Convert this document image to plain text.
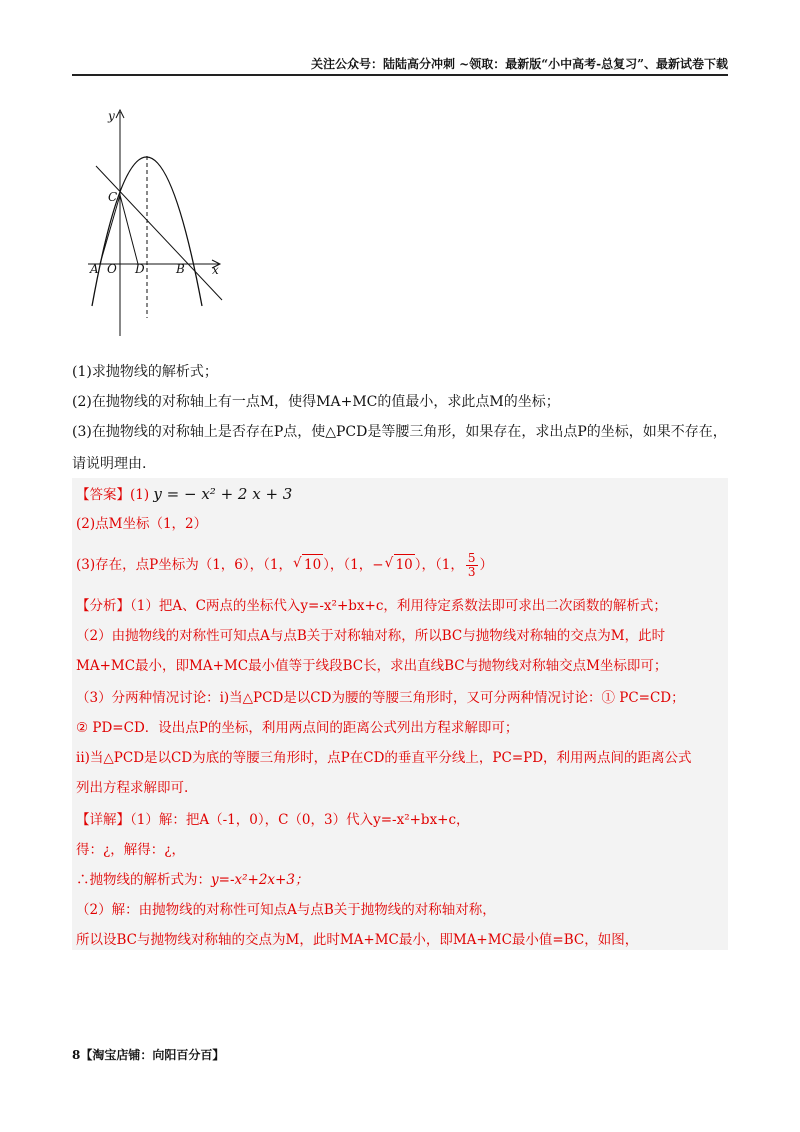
关注公众号：陆陆高分冲刺 ~领取：最新版“小中高考-总复习”、最新试卷下载
y
x
C
A O D	B
(1)求抛物线的解析式；
(2)在抛物线的对称轴上有一点M，使得MA+MC的值最小，求此点M的坐标；
(3)在抛物线的对称轴上是否存在P点，使△PCD是等腰三角形，如果存在，求出点P的坐标，如果不存在，
请说明理由.
【答案】(1) y = − x² + 2 x + 3
(2)点M坐标（1，2）
(3)存在，点P坐标为（1，6），（1， √ 10 ），（1，− √ 10 ），（1， $\frac{5}{3}$ ）
【分析】（1）把A、C两点的坐标代入y=-x²+bx+c，利用待定系数法即可求出二次函数的解析式；
（2）由抛物线的对称性可知点A与点B关于对称轴对称，所以BC与抛物线对称轴的交点为M，此时
MA+MC最小，即MA+MC最小值等于线段BC长，求出直线BC与抛物线对称轴交点M坐标即可；
（3）分两种情况讨论：i)当△PCD是以CD为腰的等腰三角形时，又可分两种情况讨论：① PC=CD；
② PD=CD．设出点P的坐标，利用两点间的距离公式列出方程求解即可；
ii)当△PCD是以CD为底的等腰三角形时，点P在CD的垂直平分线上，PC=PD，利用两点间的距离公式
列出方程求解即可.
【详解】（1）解：把A（-1，0），C（0，3）代入y=-x²+bx+c，
得：¿，解得：¿，
∴抛物线的解析式为：y=-x²+2x+3；
（2）解：由抛物线的对称性可知点A与点B关于抛物线的对称轴对称，
所以设BC与抛物线对称轴的交点为M，此时MA+MC最小，即MA+MC最小值=BC，如图，
8【淘宝店铺：向阳百分百】
